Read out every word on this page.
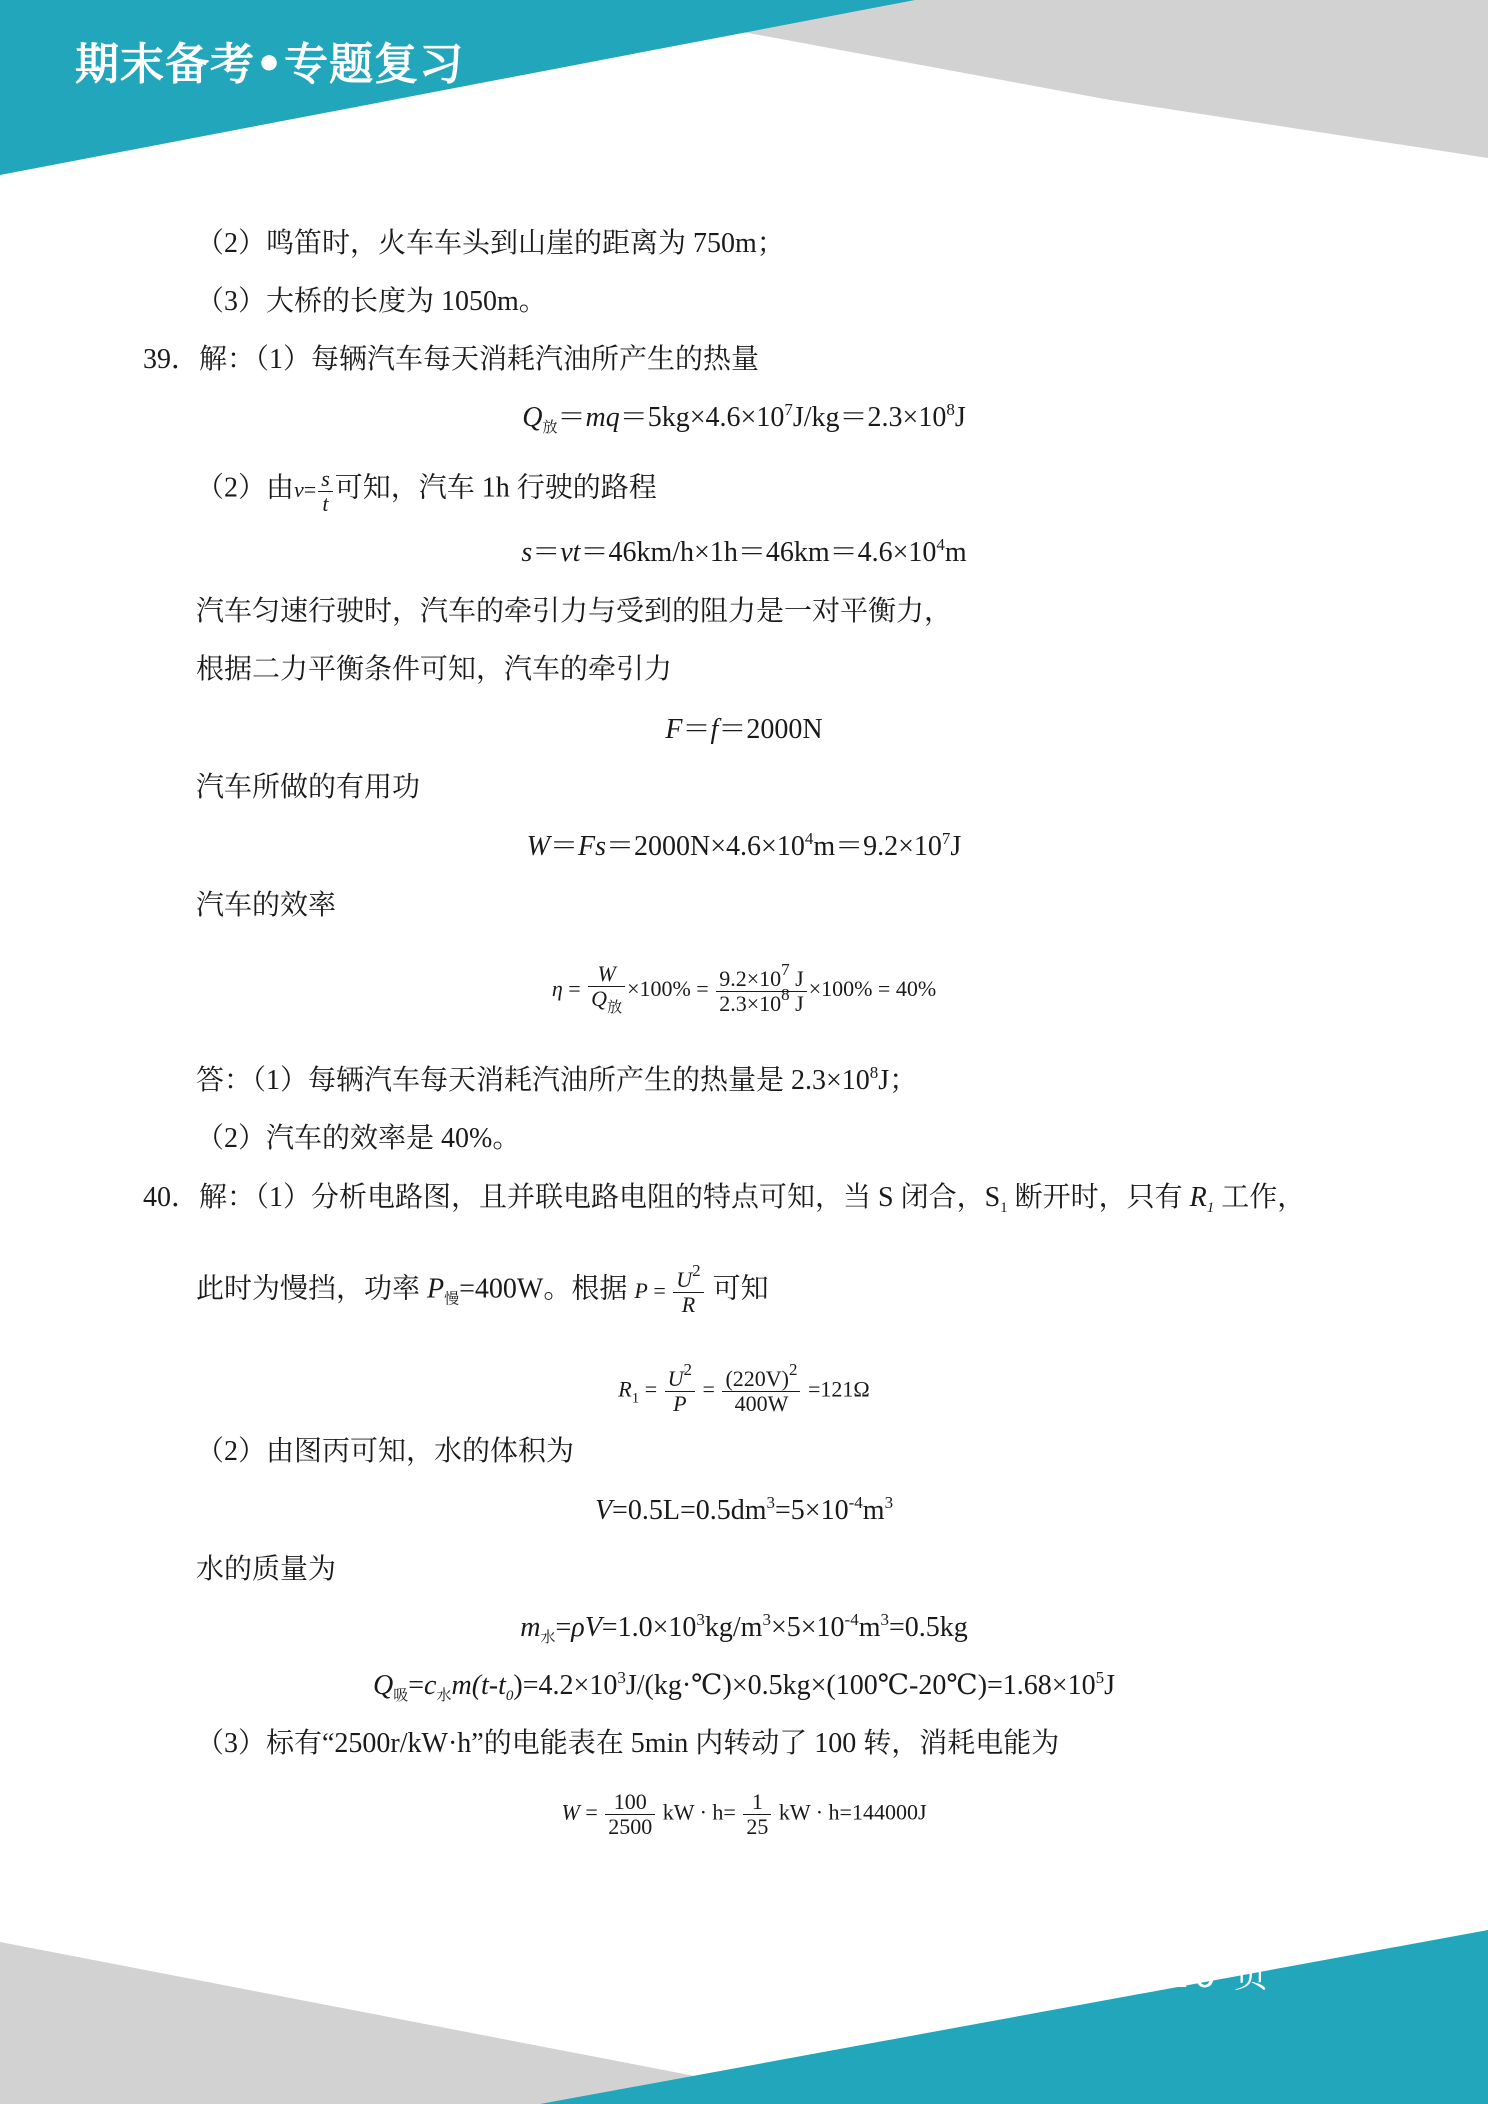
期末备考•专题复习
第 16 页
（2）鸣笛时，火车车头到山崖的距离为 750m；
（3）大桥的长度为 1050m。
39．解：（1）每辆汽车每天消耗汽油所产生的热量
$Q_放=mq=5kg\times 4.6\times 10^7J/kg=2.3\times 10^8J$
（2）由$v= \frac{s}{t}$ 可知，汽车 1h 行驶的路程
$s=vt=46km/h\times 1h=46km=4.6\times 10^4m$
汽车匀速行驶时，汽车的牵引力与受到的阻力是一对平衡力，
根据二力平衡条件可知，汽车的牵引力
F＝f＝2000N
汽车所做的有用功
$W=Fs=2000N\times 4.6\times 10^4m=9.2\times 10^7J$
汽车的效率
$\eta = \frac{W}{Q_放} \times 100\% = \frac{9.2\times 10^7 J}{2.3\times 10^8 J} \times 100\% = 40\%$
答：（1）每辆汽车每天消耗汽油所产生的热量是 $2.3\times 10^8J$；
（2）汽车的效率是 40%。
40．解：（1）分析电路图，且并联电路电阻的特点可知，当 S 闭合，$S_1$ 断开时，只有 $R_1$ 工作，
此时为慢挡，功率 $P_慢=400W$。根据 $P = \frac{U^2}{R}$ 可知
$R_1 = \frac{U^2}{P} = \frac{(220V)^2}{400W} =121\Omega$
（2）由图丙可知，水的体积为
$V=0.5L=0.5dm^3=5\times 10^{-4}m^3$
水的质量为
$m_水=\rho V=1.0\times 10^3kg/m^3\times 5\times 10^{-4}m^3=0.5kg$
$Q_吸=c_水m(t-t_0)=4.2\times 10^3J/(kg\cdot℃)\times 0.5kg\times(100℃-20℃)=1.68\times 10^5J$
（3）标有“2500r/kW·h”的电能表在 5min 内转动了 100 转，消耗电能为
$W = \frac{100}{2500}$ kW · $h= \frac{1}{25}$ kW · h=144000J
